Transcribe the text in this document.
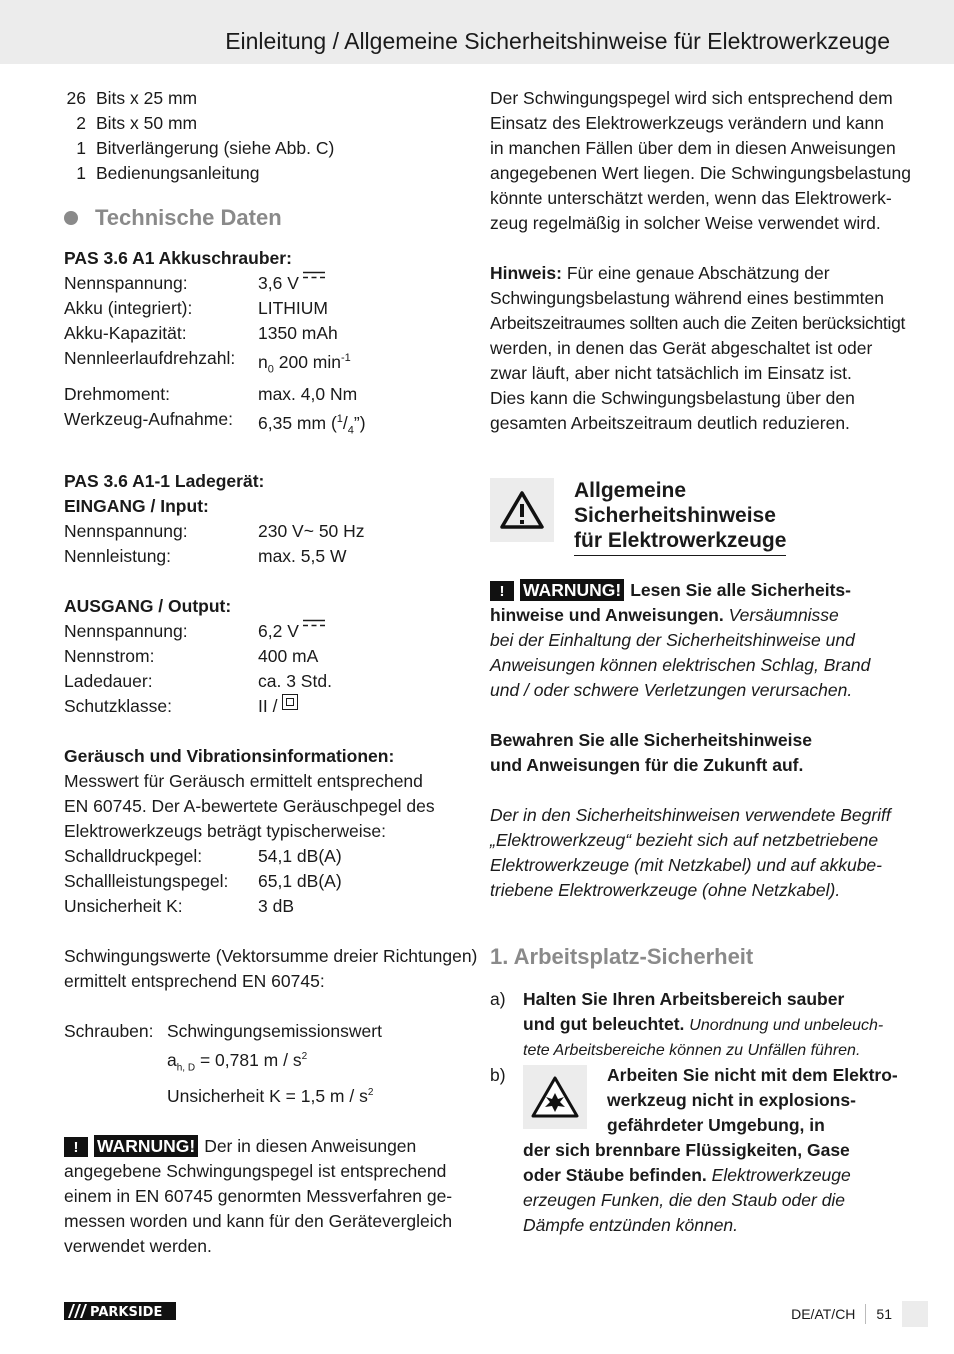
Einleitung / Allgemeine Sicherheitshinweise für Elektrowerkzeuge
26 Bits x 25 mm
2 Bits x 50 mm
1 Bitverlängerung (siehe Abb. C)
1 Bedienungsanleitung
Technische Daten
PAS 3.6 A1 Akkuschrauber:
Nennspannung:	3,6 V
Akku (integriert):	LITHIUM
Akku-Kapazität:	1350 mAh
Nennleerlaufdrehzahl:	$n_0$ 200 $\min^{-1}$
Drehmoment:	max. 4,0 Nm
Werkzeug-Aufnahme:	6,35 mm $(^1/_4”)$
PAS 3.6 A1-1 Ladegerät:
EINGANG / Input:
Nennspannung:	230 V~ 50 Hz
Nennleistung:	max. 5,5 W
AUSGANG / Output:
Nennspannung:	6,2 V
Nennstrom:	400 mA
Ladedauer:	ca. 3 Std.
Schutzklasse:	II /

Geräusch und Vibrationsinformationen:
Messwert für Geräusch ermittelt entsprechend
EN 60745. Der A-bewertete Geräuschpegel des
Elektrowerkzeugs beträgt typischerweise:
Schalldruckpegel:	54,1 dB(A)
Schallleistungspegel:	65,1 dB(A)
Unsicherheit K:	3 dB
Schwingungswerte (Vektorsumme dreier Richtungen)
ermittelt entsprechend EN 60745:
Schrauben: Schwingungsemissionswert
$a_{h, D} = 0,781$ m / $s^2$
Unsicherheit K = 1,5 m / $s^2$
! WARNUNG! Der in diesen Anweisungen
angegebene Schwingungspegel ist entsprechend
einem in EN 60745 genormten Messverfahren ge-
messen worden und kann für den Gerätevergleich
verwendet werden.
Der Schwingungspegel wird sich entsprechend dem
Einsatz des Elektrowerkzeugs verändern und kann
in manchen Fällen über dem in diesen Anweisungen
angegebenen Wert liegen. Die Schwingungsbelastung
könnte unterschätzt werden, wenn das Elektrowerk-
zeug regelmäßig in solcher Weise verwendet wird.
Hinweis: Für eine genaue Abschätzung der
Schwingungsbelastung während eines bestimmten
Arbeitszeitraumes sollten auch die Zeiten berücksichtigt
werden, in denen das Gerät abgeschaltet ist oder
zwar läuft, aber nicht tatsächlich im Einsatz ist.
Dies kann die Schwingungsbelastung über den
gesamten Arbeitszeitraum deutlich reduzieren.
Allgemeine
Sicherheitshinweise
für Elektrowerkzeuge
! WARNUNG! Lesen Sie alle Sicherheits-
hinweise und Anweisungen. Versäumnisse
bei der Einhaltung der Sicherheitshinweise und
Anweisungen können elektrischen Schlag, Brand
und / oder schwere Verletzungen verursachen.
Bewahren Sie alle Sicherheitshinweise
und Anweisungen für die Zukunft auf.
Der in den Sicherheitshinweisen verwendete Begriff
„Elektrowerkzeug“ bezieht sich auf netzbetriebene
Elektrowerkzeuge (mit Netzkabel) und auf akkube-
triebene Elektrowerkzeuge (ohne Netzkabel).
1. Arbeitsplatz-Sicherheit
a) Halten Sie Ihren Arbeitsbereich sauber
und gut beleuchtet. Unordnung und unbeleuch-
tete Arbeitsbereiche können zu Unfällen führen.
b)	Arbeiten Sie nicht mit dem Elektro-
werkzeug nicht in explosions-
gefährdeter Umgebung, in
der sich brennbare Flüssigkeiten, Gase
oder Stäube befinden. Elektrowerkzeuge
erzeugen Funken, die den Staub oder die
Dämpfe entzünden können.
PARKSIDE	DE/AT/CH 51
